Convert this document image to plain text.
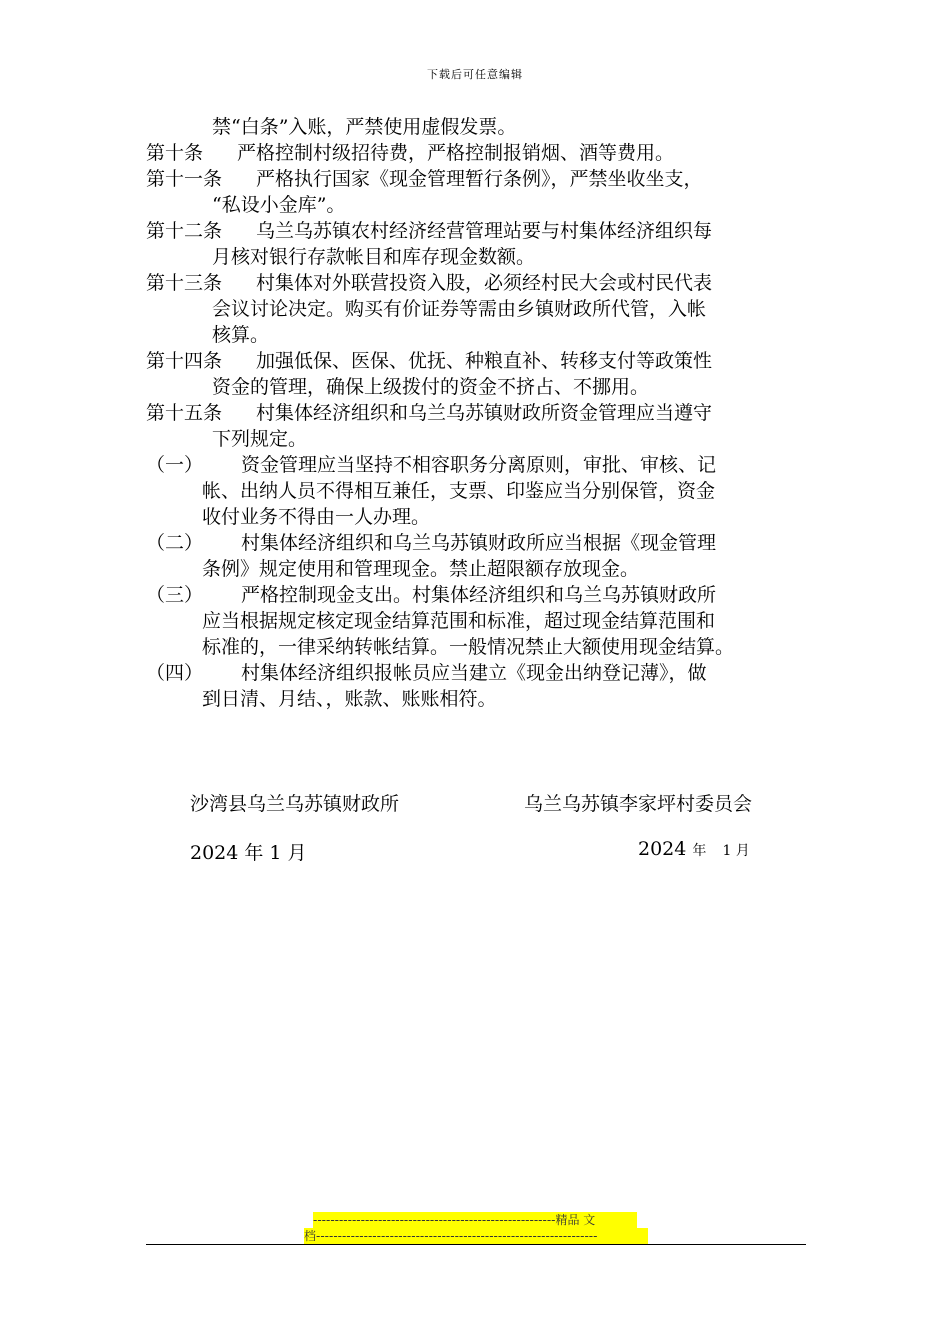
下载后可任意编辑
禁“白条”入账，严禁使用虚假发票。
第十条 严格控制村级招待费，严格控制报销烟、酒等费用。
第十一条 严格执行国家《现金管理暂行条例》，严禁坐收坐支，
“私设小金库”。
第十二条 乌兰乌苏镇农村经济经营管理站要与村集体经济组织每
月核对银行存款帐目和库存现金数额。
第十三条 村集体对外联营投资入股，必须经村民大会或村民代表
会议讨论决定。购买有价证券等需由乡镇财政所代管，入帐
核算。
第十四条 加强低保、医保、优抚、种粮直补、转移支付等政策性
资金的管理，确保上级拨付的资金不挤占、不挪用。
第十五条 村集体经济组织和乌兰乌苏镇财政所资金管理应当遵守
下列规定。
（一） 资金管理应当坚持不相容职务分离原则，审批、审核、记
帐、出纳人员不得相互兼任，支票、印鉴应当分别保管，资金
收付业务不得由一人办理。
（二） 村集体经济组织和乌兰乌苏镇财政所应当根据《现金管理
条例》规定使用和管理现金。禁止超限额存放现金。
（三） 严格控制现金支出。村集体经济组织和乌兰乌苏镇财政所
应当根据规定核定现金结算范围和标准，超过现金结算范围和
标准的，一律采纳转帐结算。一般情况禁止大额使用现金结算。
（四） 村集体经济组织报帐员应当建立《现金出纳登记薄》，做
到日清、月结、，账款、账账相符。
沙湾县乌兰乌苏镇财政所	乌兰乌苏镇李家坪村委员会
2024 年 1 月	2024 年 1 月
--------------------------------------------------------精品 文
档-----------------------------------------------------------------
